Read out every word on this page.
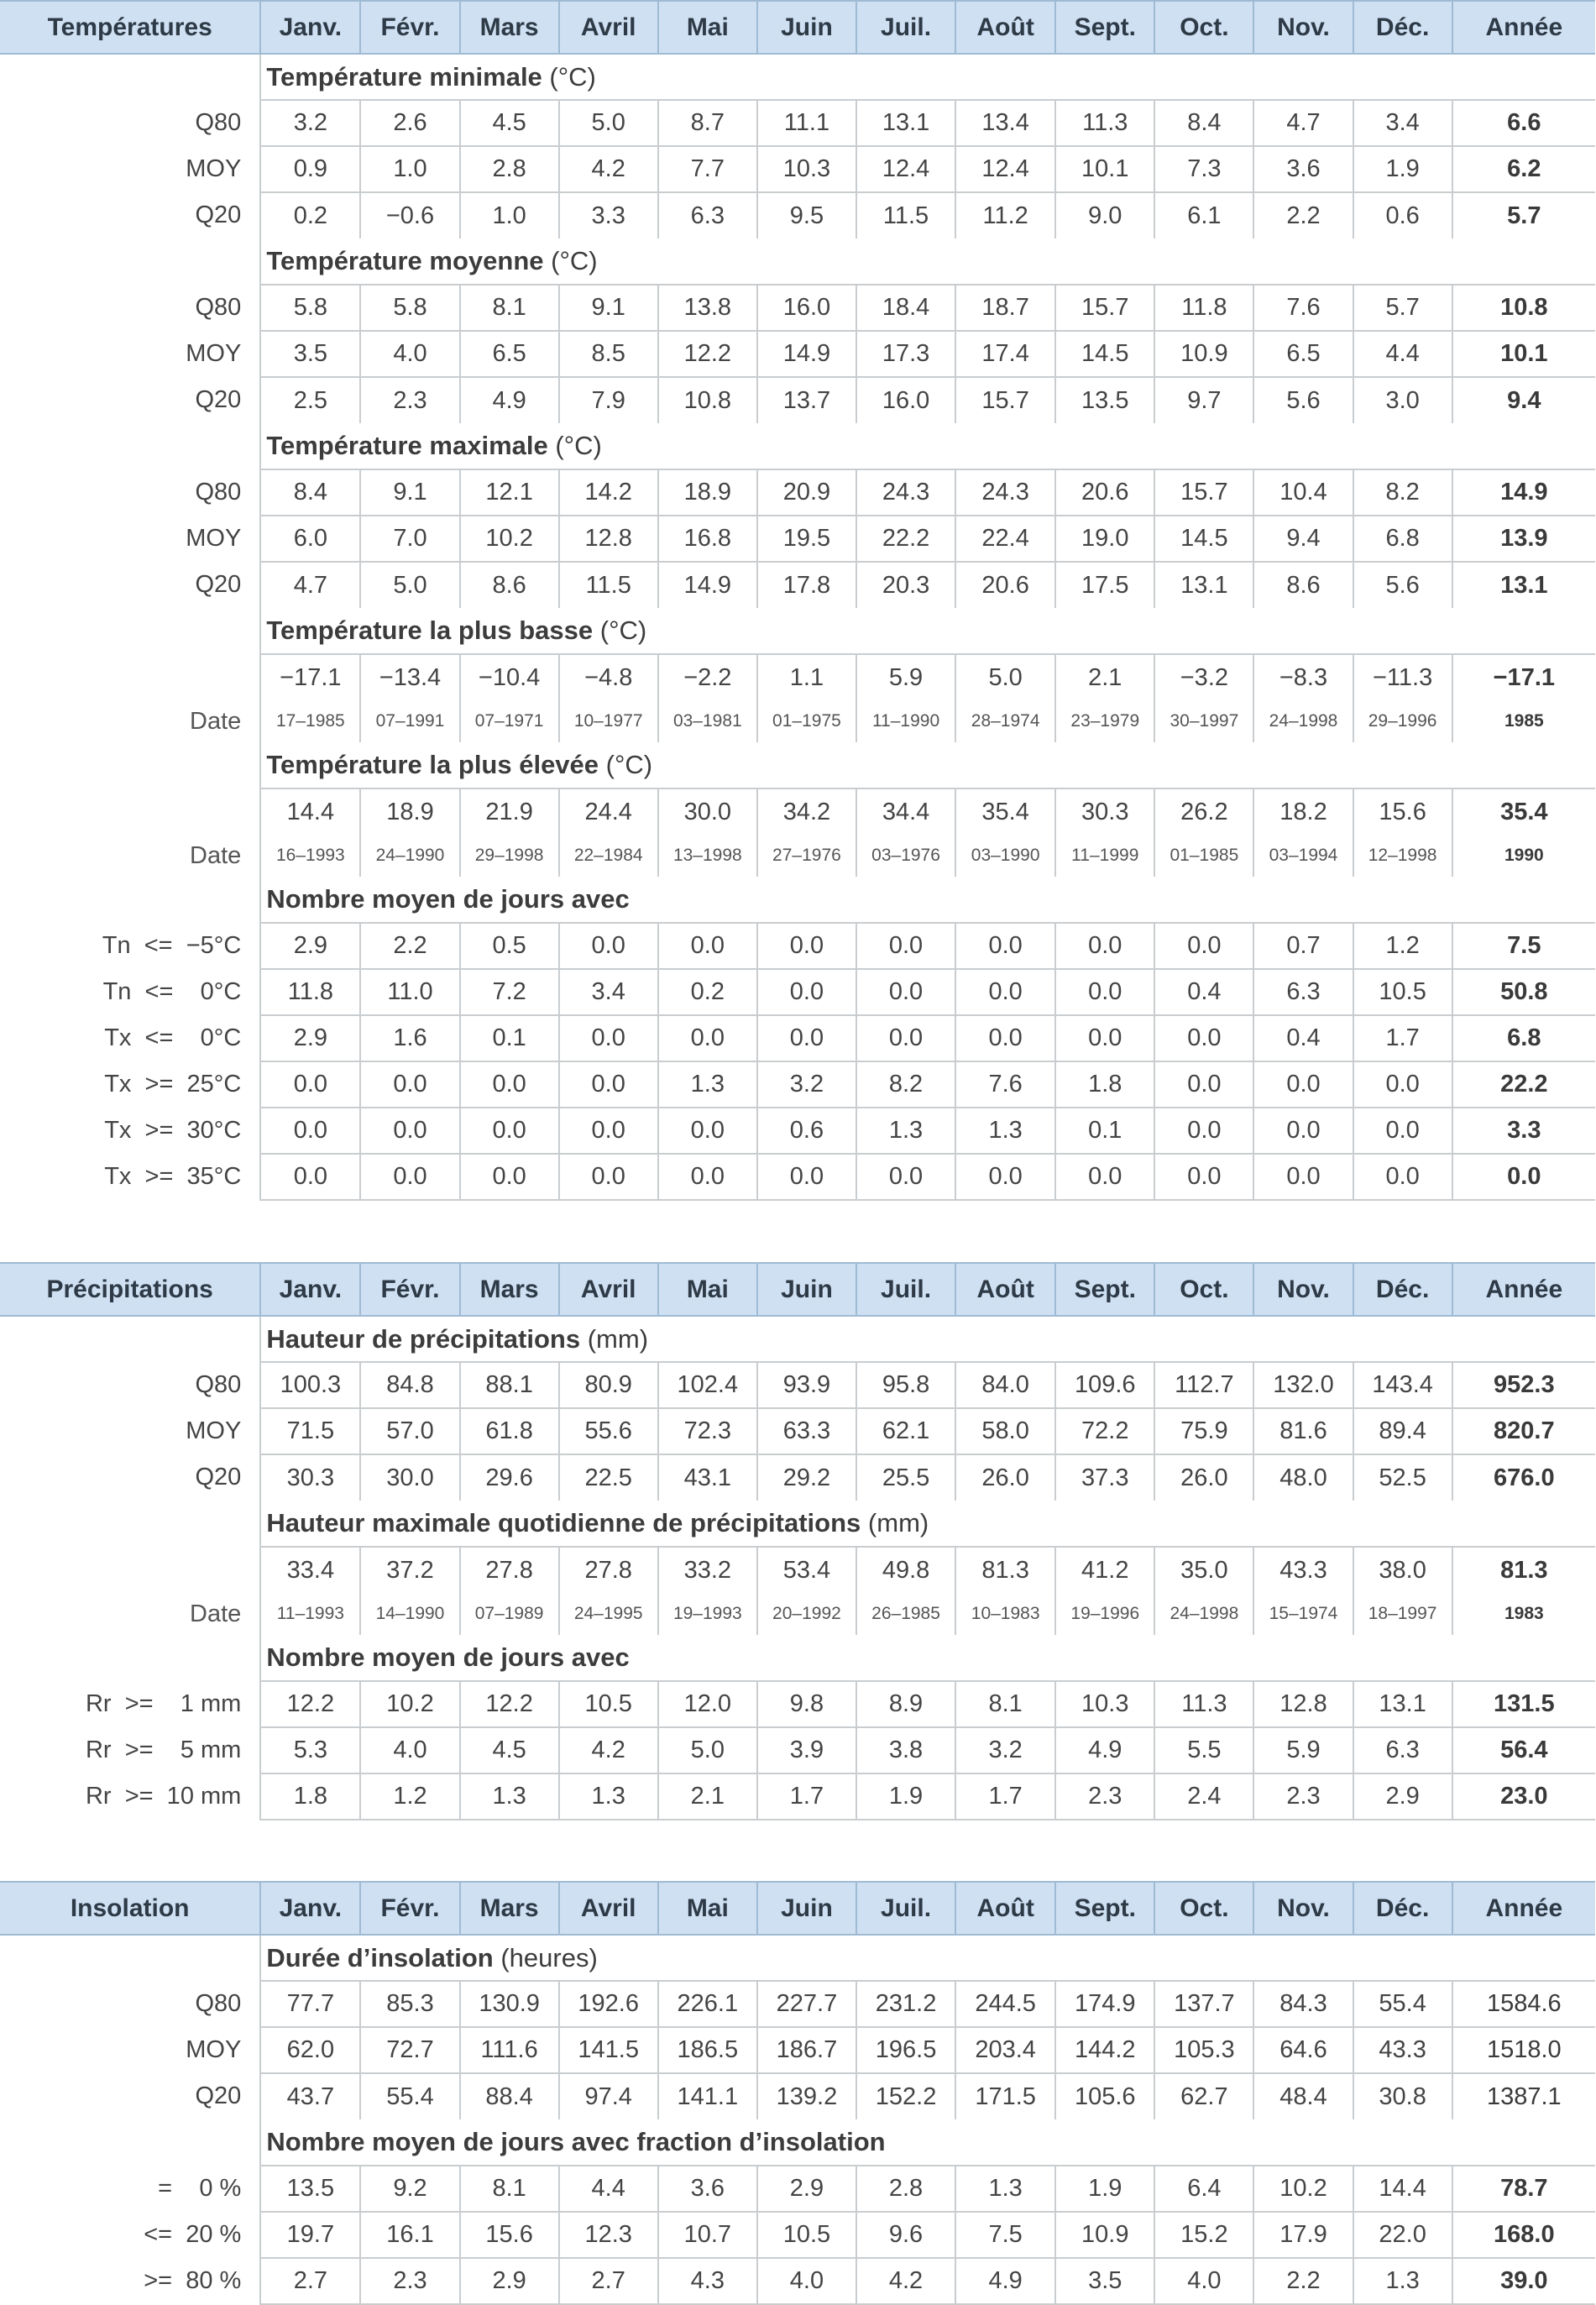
Températures	Janv.	Févr.	Mars	Avril	Mai	Juin	Juil.	Août	Sept.	Oct.	Nov.	Déc.	Année
	Température minimale (°C)												
Q80	3.2	2.6	4.5	5.0	8.7	11.1	13.1	13.4	11.3	8.4	4.7	3.4	6.6
MOY	0.9	1.0	2.8	4.2	7.7	10.3	12.4	12.4	10.1	7.3	3.6	1.9	6.2
Q20	0.2	−0.6	1.0	3.3	6.3	9.5	11.5	11.2	9.0	6.1	2.2	0.6	5.7
	Température moyenne (°C)												
Q80	5.8	5.8	8.1	9.1	13.8	16.0	18.4	18.7	15.7	11.8	7.6	5.7	10.8
MOY	3.5	4.0	6.5	8.5	12.2	14.9	17.3	17.4	14.5	10.9	6.5	4.4	10.1
Q20	2.5	2.3	4.9	7.9	10.8	13.7	16.0	15.7	13.5	9.7	5.6	3.0	9.4
	Température maximale (°C)												
Q80	8.4	9.1	12.1	14.2	18.9	20.9	24.3	24.3	20.6	15.7	10.4	8.2	14.9
MOY	6.0	7.0	10.2	12.8	16.8	19.5	22.2	22.4	19.0	14.5	9.4	6.8	13.9
Q20	4.7	5.0	8.6	11.5	14.9	17.8	20.3	20.6	17.5	13.1	8.6	5.6	13.1
	Température la plus basse (°C)												
	−17.1	−13.4	−10.4	−4.8	−2.2	1.1	5.9	5.0	2.1	−3.2	−8.3	−11.3	−17.1
Date	17–1985	07–1991	07–1971	10–1977	03–1981	01–1975	11–1990	28–1974	23–1979	30–1997	24–1998	29–1996	1985
	Température la plus élevée (°C)												
	14.4	18.9	21.9	24.4	30.0	34.2	34.4	35.4	30.3	26.2	18.2	15.6	35.4
Date	16–1993	24–1990	29–1998	22–1984	13–1998	27–1976	03–1976	03–1990	11–1999	01–1985	03–1994	12–1998	1990
	Nombre moyen de jours avec												
Tn  <=  −5°C	2.9	2.2	0.5	0.0	0.0	0.0	0.0	0.0	0.0	0.0	0.7	1.2	7.5
Tn  <=    0°C	11.8	11.0	7.2	3.4	0.2	0.0	0.0	0.0	0.0	0.4	6.3	10.5	50.8
Tx  <=    0°C	2.9	1.6	0.1	0.0	0.0	0.0	0.0	0.0	0.0	0.0	0.4	1.7	6.8
Tx  >=  25°C	0.0	0.0	0.0	0.0	1.3	3.2	8.2	7.6	1.8	0.0	0.0	0.0	22.2
Tx  >=  30°C	0.0	0.0	0.0	0.0	0.0	0.6	1.3	1.3	0.1	0.0	0.0	0.0	3.3
Tx  >=  35°C	0.0	0.0	0.0	0.0	0.0	0.0	0.0	0.0	0.0	0.0	0.0	0.0	0.0
Précipitations	Janv.	Févr.	Mars	Avril	Mai	Juin	Juil.	Août	Sept.	Oct.	Nov.	Déc.	Année
	Hauteur de précipitations (mm)												
Q80	100.3	84.8	88.1	80.9	102.4	93.9	95.8	84.0	109.6	112.7	132.0	143.4	952.3
MOY	71.5	57.0	61.8	55.6	72.3	63.3	62.1	58.0	72.2	75.9	81.6	89.4	820.7
Q20	30.3	30.0	29.6	22.5	43.1	29.2	25.5	26.0	37.3	26.0	48.0	52.5	676.0
	Hauteur maximale quotidienne de précipitations (mm)												
	33.4	37.2	27.8	27.8	33.2	53.4	49.8	81.3	41.2	35.0	43.3	38.0	81.3
Date	11–1993	14–1990	07–1989	24–1995	19–1993	20–1992	26–1985	10–1983	19–1996	24–1998	15–1974	18–1997	1983
	Nombre moyen de jours avec												
Rr  >=    1 mm	12.2	10.2	12.2	10.5	12.0	9.8	8.9	8.1	10.3	11.3	12.8	13.1	131.5
Rr  >=    5 mm	5.3	4.0	4.5	4.2	5.0	3.9	3.8	3.2	4.9	5.5	5.9	6.3	56.4
Rr  >=  10 mm	1.8	1.2	1.3	1.3	2.1	1.7	1.9	1.7	2.3	2.4	2.3	2.9	23.0
Insolation	Janv.	Févr.	Mars	Avril	Mai	Juin	Juil.	Août	Sept.	Oct.	Nov.	Déc.	Année
	Durée d’insolation (heures)												
Q80	77.7	85.3	130.9	192.6	226.1	227.7	231.2	244.5	174.9	137.7	84.3	55.4	1584.6
MOY	62.0	72.7	111.6	141.5	186.5	186.7	196.5	203.4	144.2	105.3	64.6	43.3	1518.0
Q20	43.7	55.4	88.4	97.4	141.1	139.2	152.2	171.5	105.6	62.7	48.4	30.8	1387.1
	Nombre moyen de jours avec fraction d’insolation												
=    0 %	13.5	9.2	8.1	4.4	3.6	2.9	2.8	1.3	1.9	6.4	10.2	14.4	78.7
<=  20 %	19.7	16.1	15.6	12.3	10.7	10.5	9.6	7.5	10.9	15.2	17.9	22.0	168.0
>=  80 %	2.7	2.3	2.9	2.7	4.3	4.0	4.2	4.9	3.5	4.0	2.2	1.3	39.0
